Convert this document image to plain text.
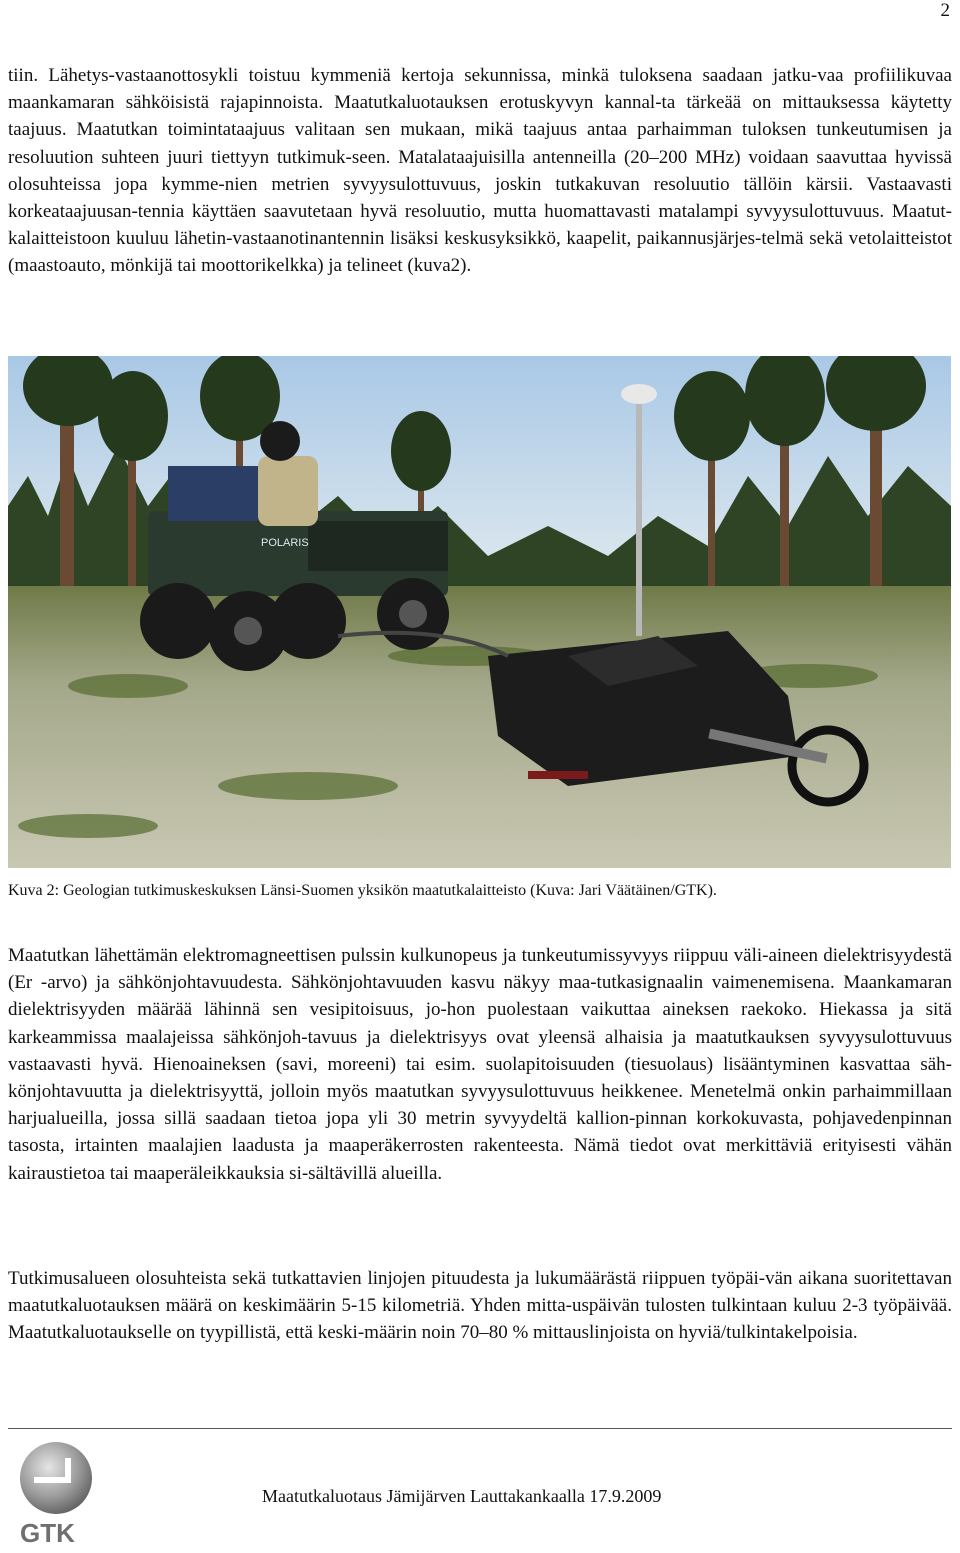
2

tiin. Lähetys-vastaanottosykli toistuu kymmeniä kertoja sekunnissa, minkä tuloksena saadaan jatku-vaa profiilikuvaa maankamaran sähköisistä rajapinnoista. Maatutkaluotauksen erotuskyvyn kannal-ta tärkeää on mittauksessa käytetty taajuus. Maatutkan toimintataajuus valitaan sen mukaan, mikä taajuus antaa parhaimman tuloksen tunkeutumisen ja resoluution suhteen juuri tiettyyn tutkimuk-seen. Matalataajuisilla antenneilla (20–200 MHz) voidaan saavuttaa hyvissä olosuhteissa jopa kymme-nien metrien syvyysulottuvuus, joskin tutkakuvan resoluutio tällöin kärsii. Vastaavasti korkeataajuusan-tennia käyttäen saavutetaan hyvä resoluutio, mutta huomattavasti matalampi syvyysulottuvuus. Maatut-kalaitteistoon kuuluu lähetin-vastaanotinantennin lisäksi keskusyksikkö, kaapelit, paikannusjärjes-telmä sekä vetolaitteistot (maastoauto, mönkijä tai moottorikelkka) ja telineet (kuva2).

POLARIS
Kuva 2: Geologian tutkimuskeskuksen Länsi-Suomen yksikön maatutkalaitteisto (Kuva: Jari Väätäinen/GTK).

Maatutkan lähettämän elektromagneettisen pulssin kulkunopeus ja tunkeutumissyvyys riippuu väli-aineen dielektrisyydestä (Er -arvo) ja sähkönjohtavuudesta. Sähkönjohtavuuden kasvu näkyy maa-tutkasignaalin vaimenemisena. Maankamaran dielektrisyyden määrää lähinnä sen vesipitoisuus, jo-hon puolestaan vaikuttaa aineksen raekoko. Hiekassa ja sitä karkeammissa maalajeissa sähkönjoh-tavuus ja dielektrisyys ovat yleensä alhaisia ja maatutkauksen syvyysulottuvuus vastaavasti hyvä. Hienoaineksen (savi, moreeni) tai esim. suolapitoisuuden (tiesuolaus) lisääntyminen kasvattaa säh-könjohtavuutta ja dielektrisyyttä, jolloin myös maatutkan syvyysulottuvuus heikkenee. Menetelmä onkin parhaimmillaan harjualueilla, jossa sillä saadaan tietoa jopa yli 30 metrin syvyydeltä kallion-pinnan korkokuvasta, pohjavedenpinnan tasosta, irtainten maalajien laadusta ja maaperäkerrosten rakenteesta. Nämä tiedot ovat merkittäviä erityisesti vähän kairaustietoa tai maaperäleikkauksia si-sältävillä alueilla.

Tutkimusalueen olosuhteista sekä tutkattavien linjojen pituudesta ja lukumäärästä riippuen työpäi-vän aikana suoritettavan maatutkaluotauksen määrä on keskimäärin 5-15 kilometriä. Yhden mitta-uspäivän tulosten tulkintaan kuluu 2-3 työpäivää. Maatutkaluotaukselle on tyypillistä, että keski-määrin noin 70–80 % mittauslinjoista on hyviä/tulkintakelpoisia.

GTK
Maatutkaluotaus Jämijärven Lauttakankaalla 17.9.2009
